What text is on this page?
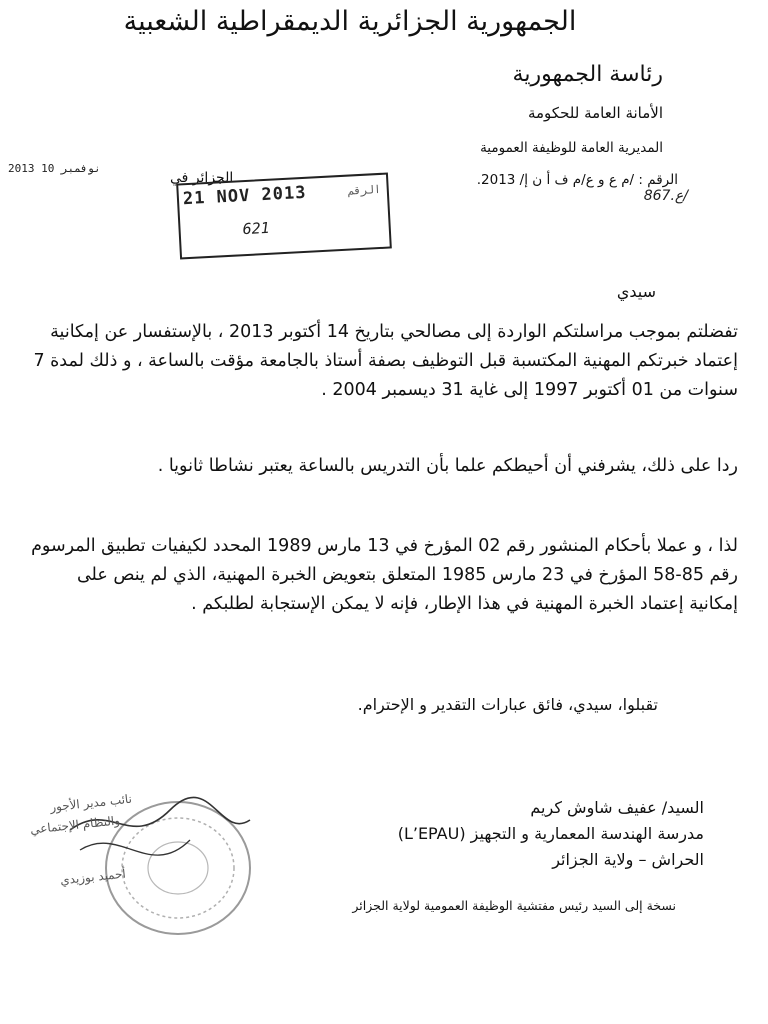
الجمهورية الجزائرية الديمقراطية الشعبية
رئاسة الجمهورية
الأمانة العامة للحكومة
المديرية العامة للوظيفة العمومية
الرقم : /م ع و ع/م ف أ ن إ/ 2013.
/ع.867
الجزائر في
2013 نوفمبر 10
21 NOV 2013	الرقم
621
سيدي
تفضلتم بموجب مراسلتكم الواردة إلى مصالحي بتاريخ 14 أكتوبر 2013 ، بالإستفسار عن إمكانية إعتماد خبرتكم المهنية المكتسبة قبل التوظيف بصفة أستاذ بالجامعة مؤقت بالساعة ، و ذلك لمدة 7 سنوات من 01 أكتوبر 1997 إلى غاية 31 ديسمبر 2004 .
ردا على ذلك، يشرفني أن أحيطكم علما بأن التدريس بالساعة يعتبر نشاطا ثانويا .
لذا ، و عملا بأحكام المنشور رقم 02 المؤرخ في 13 مارس 1989 المحدد لكيفيات تطبيق المرسوم رقم 85-58 المؤرخ في 23 مارس 1985 المتعلق بتعويض الخبرة المهنية، الذي لم ينص على إمكانية إعتماد الخبرة المهنية في هذا الإطار، فإنه لا يمكن الإستجابة لطلبكم .
تقبلوا، سيدي، فائق عبارات التقدير و الإحترام.
السيد/ عفيف شاوش كريم
مدرسة الهندسة المعمارية و التجهيز (L’EPAU)
الحراش – ولاية الجزائر
نسخة إلى السيد رئيس مفتشية الوظيفة العمومية لولاية الجزائر
نائب مدير الأجور
والنظام الإجتماعي
أحميد بوزيدي
